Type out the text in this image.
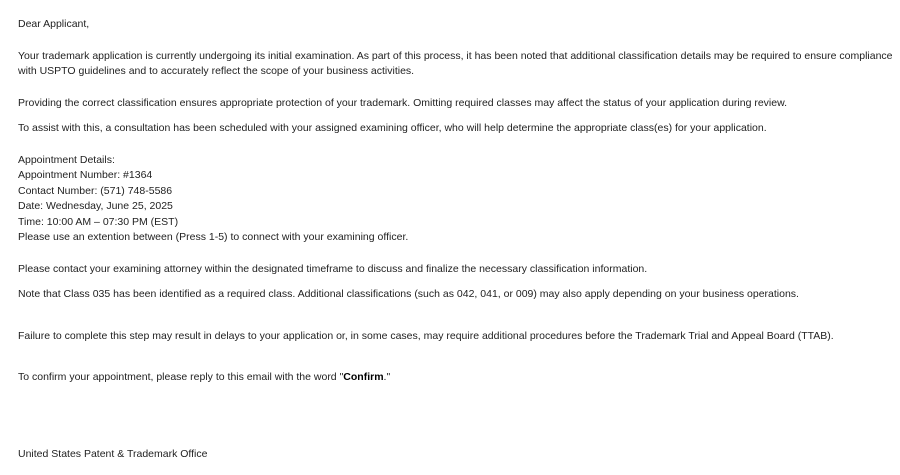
Dear Applicant,

Your trademark application is currently undergoing its initial examination. As part of this process, it has been noted that additional classification details may be required to ensure compliance with USPTO guidelines and to accurately reflect the scope of your business activities.

Providing the correct classification ensures appropriate protection of your trademark. Omitting required classes may affect the status of your application during review.

To assist with this, a consultation has been scheduled with your assigned examining officer, who will help determine the appropriate class(es) for your application.

Appointment Details:
Appointment Number: #1364
Contact Number: (571) 748-5586
Date: Wednesday, June 25, 2025
Time: 10:00 AM – 07:30 PM (EST)
Please use an extention between (Press 1-5) to connect with your examining officer.

Please contact your examining attorney within the designated timeframe to discuss and finalize the necessary classification information.

Note that Class 035 has been identified as a required class. Additional classifications (such as 042, 041, or 009) may also apply depending on your business operations.

Failure to complete this step may result in delays to your application or, in some cases, may require additional procedures before the Trademark Trial and Appeal Board (TTAB).

To confirm your appointment, please reply to this email with the word "Confirm."

United States Patent & Trademark Office
